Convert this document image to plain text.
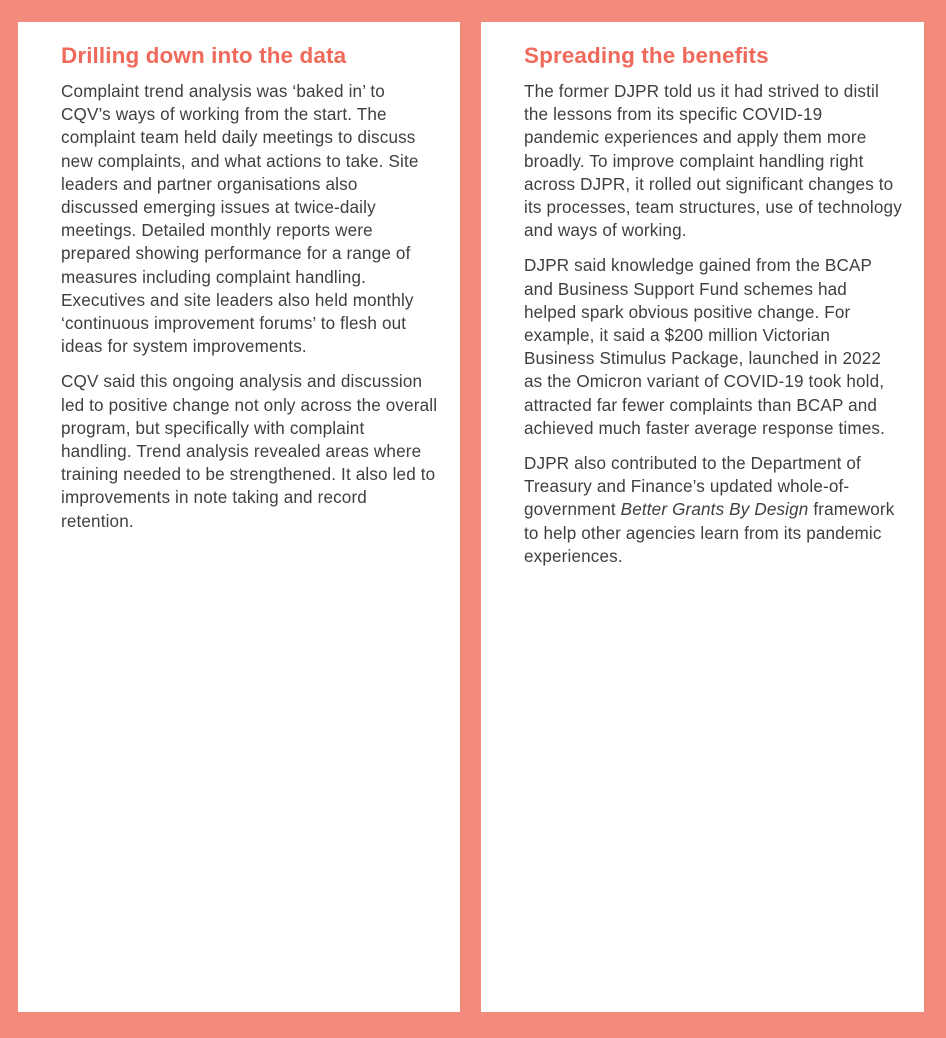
Drilling down into the data

Complaint trend analysis was ‘baked in’ to CQV’s ways of working from the start. The complaint team held daily meetings to discuss new complaints, and what actions to take. Site leaders and partner organisations also discussed emerging issues at twice-daily meetings. Detailed monthly reports were prepared showing performance for a range of measures including complaint handling. Executives and site leaders also held monthly ‘continuous improvement forums’ to flesh out ideas for system improvements.

CQV said this ongoing analysis and discussion led to positive change not only across the overall program, but specifically with complaint handling. Trend analysis revealed areas where training needed to be strengthened. It also led to improvements in note taking and record retention.

Spreading the benefits

The former DJPR told us it had strived to distil the lessons from its specific COVID-19 pandemic experiences and apply them more broadly. To improve complaint handling right across DJPR, it rolled out significant changes to its processes, team structures, use of technology and ways of working.

DJPR said knowledge gained from the BCAP and Business Support Fund schemes had helped spark obvious positive change. For example, it said a $200 million Victorian Business Stimulus Package, launched in 2022 as the Omicron variant of COVID-19 took hold, attracted far fewer complaints than BCAP and achieved much faster average response times.

DJPR also contributed to the Department of Treasury and Finance’s updated whole-of-government Better Grants By Design framework to help other agencies learn from its pandemic experiences.
